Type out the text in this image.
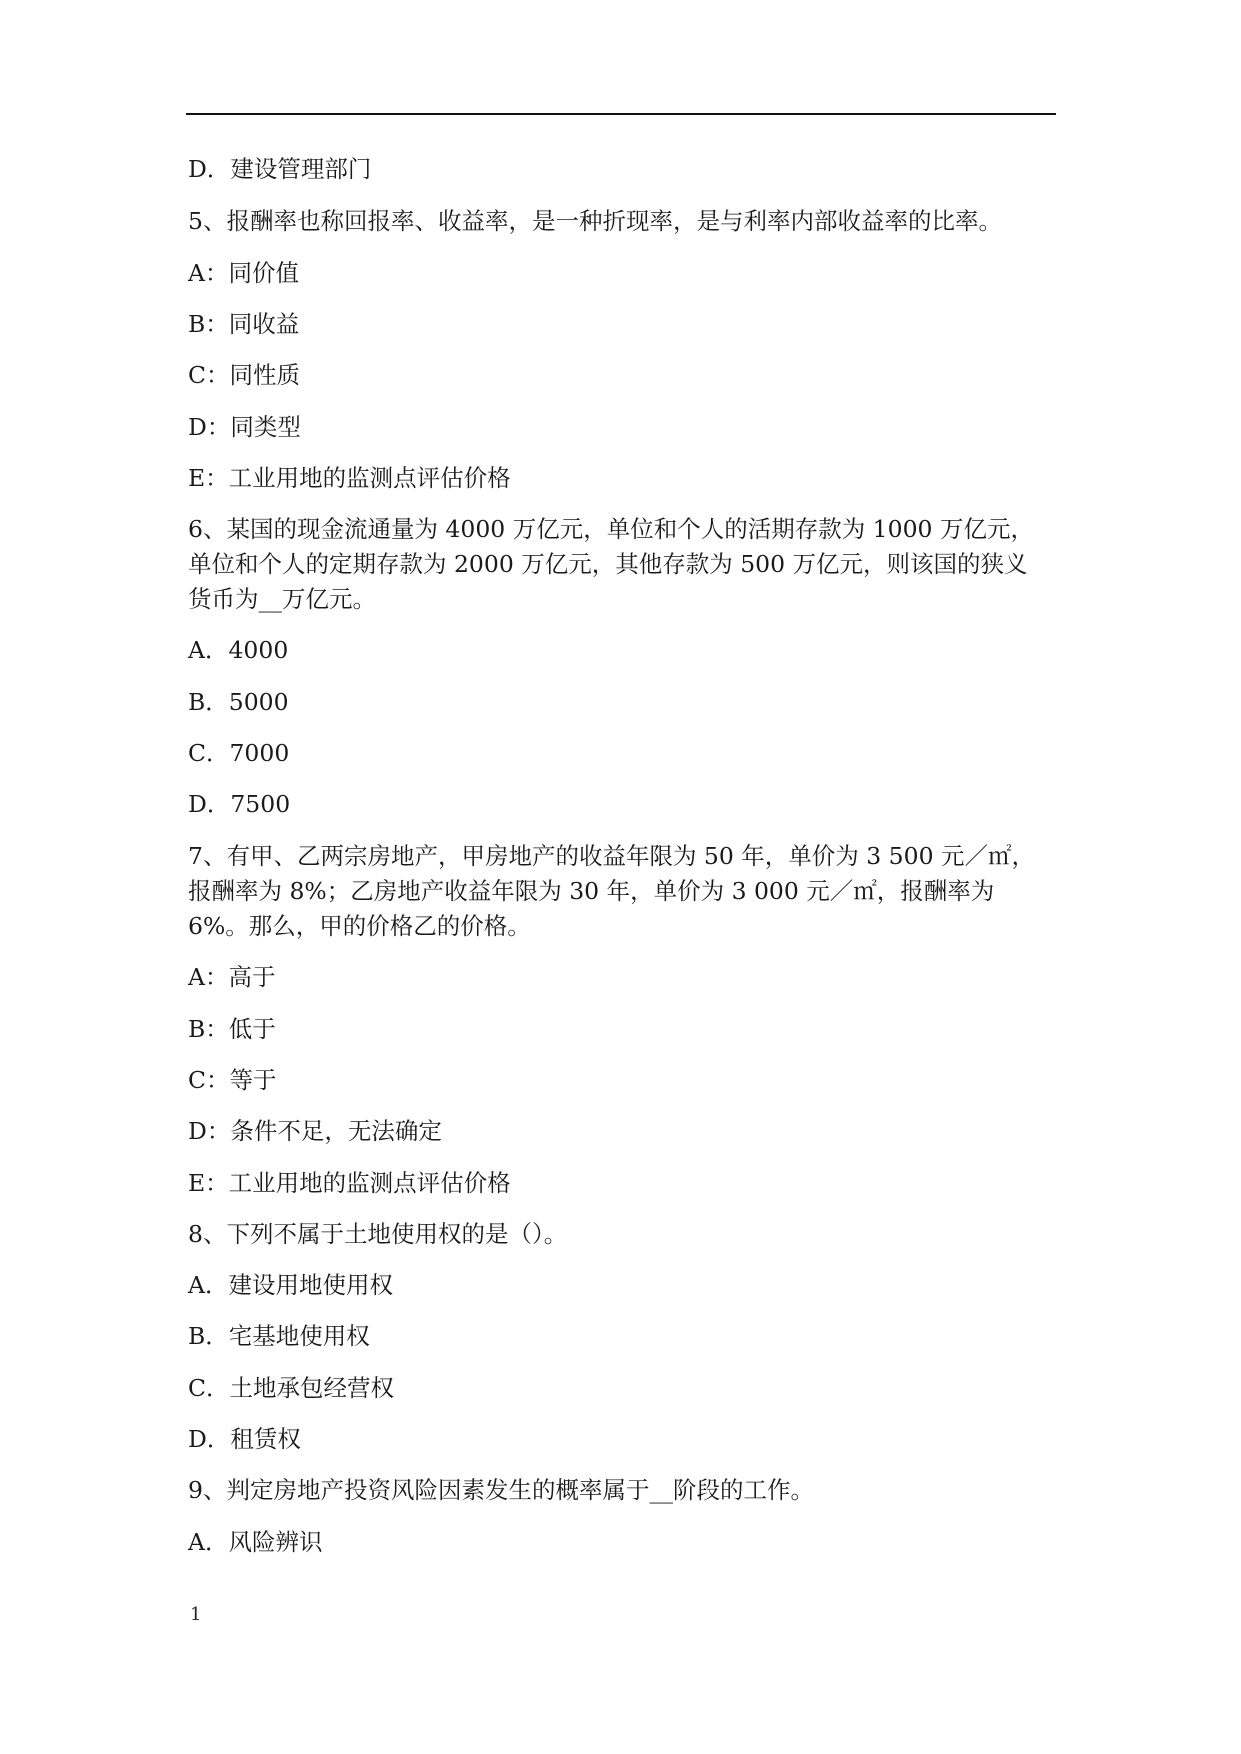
D．建设管理部门
5、报酬率也称回报率、收益率，是一种折现率，是与利率内部收益率的比率。
A：同价值
B：同收益
C：同性质
D：同类型
E：工业用地的监测点评估价格
6、某国的现金流通量为 4000 万亿元，单位和个人的活期存款为 1000 万亿元，
单位和个人的定期存款为 2000 万亿元，其他存款为 500 万亿元，则该国的狭义
货币为__万亿元。
A．4000
B．5000
C．7000
D．7500
7、有甲、乙两宗房地产，甲房地产的收益年限为 50 年，单价为 3 500 元／㎡，
报酬率为 8%；乙房地产收益年限为 30 年，单价为 3 000 元／㎡，报酬率为
6%。那么，甲的价格乙的价格。
A：高于
B：低于
C：等于
D：条件不足，无法确定
E：工业用地的监测点评估价格
8、下列不属于土地使用权的是（）。
A．建设用地使用权
B．宅基地使用权
C．土地承包经营权
D．租赁权
9、判定房地产投资风险因素发生的概率属于__阶段的工作。
A．风险辨识
1
